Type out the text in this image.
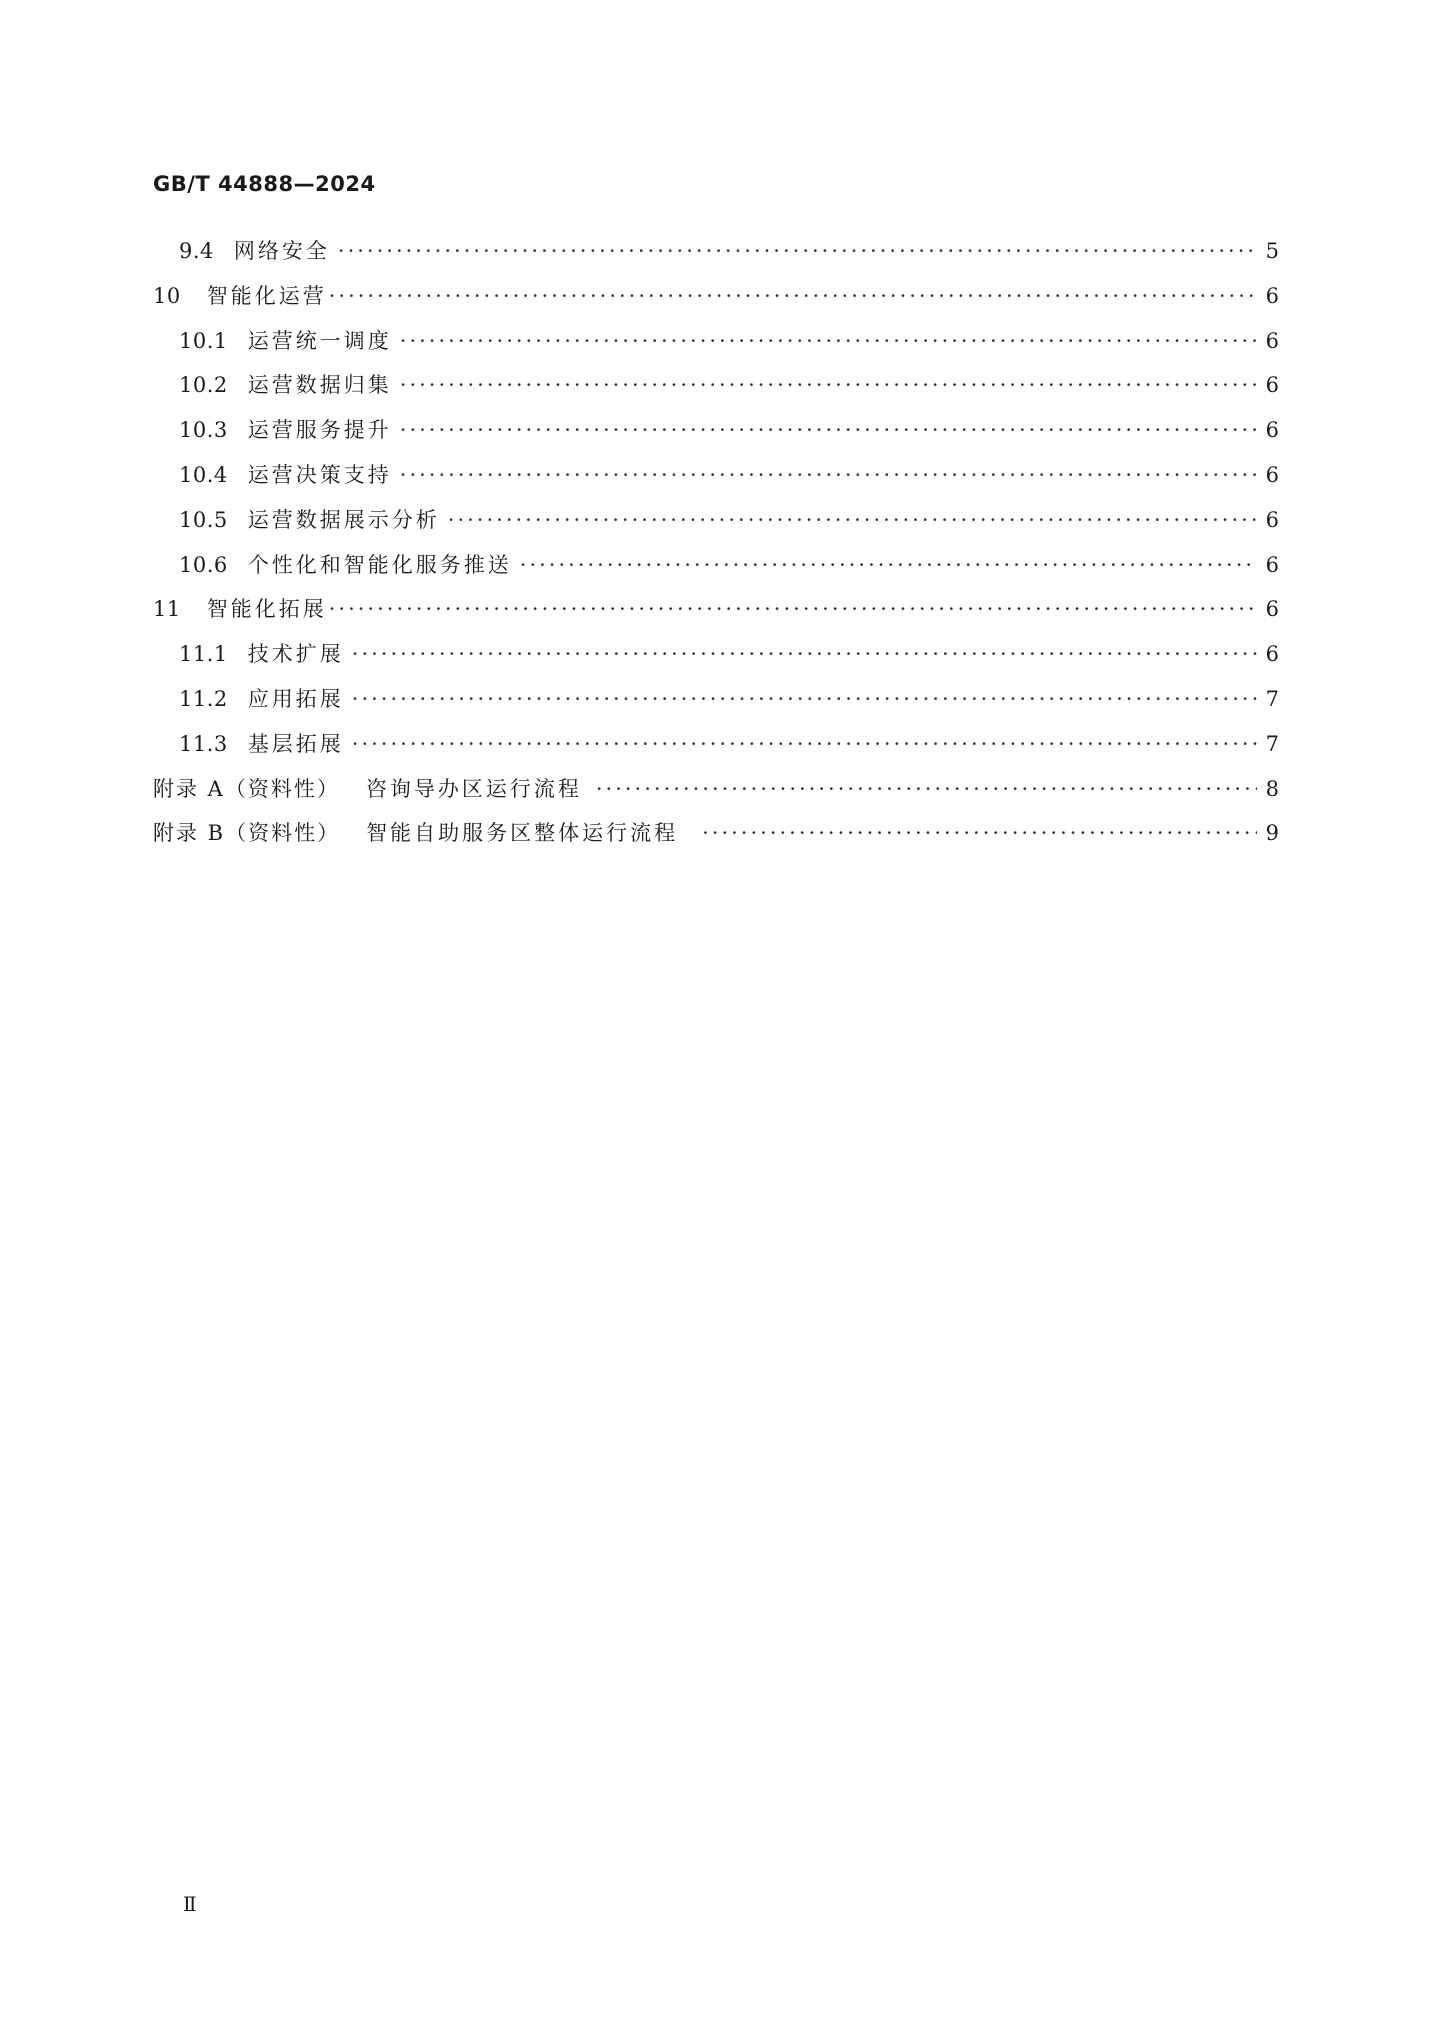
GB/T 44888—2024
9.4 网络安全 ·····	5
10 智能化运营 ·····	6
10.1 运营统一调度 ·····	6
10.2 运营数据归集 ·····	6
10.3 运营服务提升 ·····	6
10.4 运营决策支持 ·····	6
10.5 运营数据展示分析 ·····	6
10.6 个性化和智能化服务推送 ·····	6
11 智能化拓展 ·····	6
11.1 技术扩展 ·····	6
11.2 应用拓展 ·····	7
11.3 基层拓展 ·····	7
附录 A（资料性） 咨询导办区运行流程 ·····	8
附录 B（资料性） 智能自助服务区整体运行流程 ·····	9
Ⅱ
